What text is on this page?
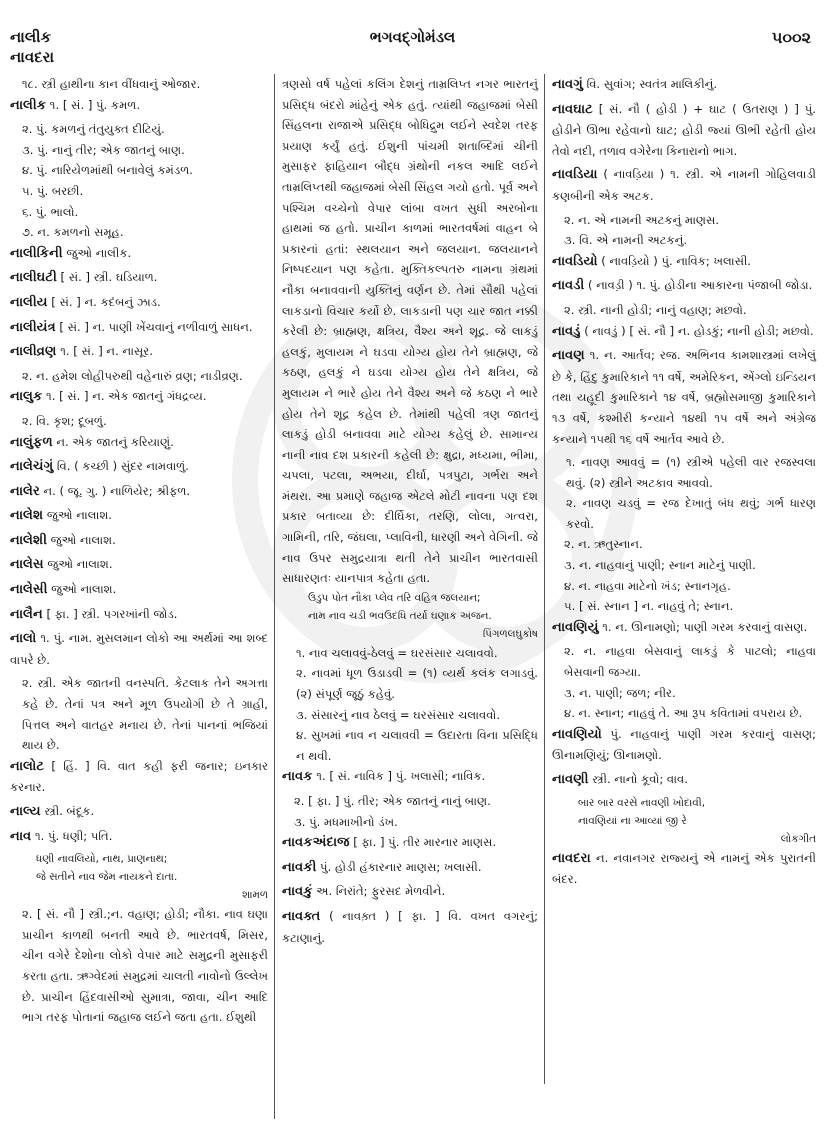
નાલીક
નાવદરા
ભગવદ્ગોમંડલ	૫૦૦૨

૧૮. સ્ત્રી હાથીના કાન વીંધવાનું ઓજાર.

નાલીક ૧. [ સં. ] પું. કમળ.

૨. પું. કમળનું તંતુયુક્ત દીટિયું.

૩. પું. નાનું તીર; એક જાતનું બાણ.

૪. પું. નારિયેળમાંથી બનાવેલું કમંડળ.

૫. પું. બરછી.

૬. પું. ભાલો.

૭. ન. કમળનો સમૂહ.

નાલીકિની જુઓ નાલીક.

નાલીઘટી [ સં. ] સ્ત્રી. ઘડિયાળ.

નાલીય [ સં. ] ન. કદંબનું ઝાડ.

નાલીયંત્ર [ સં. ] ન. પાણી ખેંચવાનું નળીવાળું સાધન.

નાલીવ્રણ ૧. [ સં. ] ન. નાસૂર.

૨. ન. હમેશ લોહીપરુથી વહેનારું વ્રણ; નાડીવ્રણ.

નાલુક ૧. [ સં. ] ન. એક જાતનું ગંધદ્રવ્ય.

૨. વિ. કૃશ; દૂબળું.

નાલુંફળ ન. એક જાતનું કરિયાણું.

નાલેચંગું વિ. ( કચ્છી ) સુંદર નામવાળું.

નાલેર ન. ( જૂ. ગુ. ) નાળિયેર; શ્રીફળ.

નાલેશ જુઓ નાલાશ.

નાલેશી જુઓ નાલાશ.

નાલેસ જુઓ નાલાશ.

નાલેસી જુઓ નાલાશ.

નાલૈન [ ફા. ] સ્ત્રી. પગરખાંની જોડ.

નાલો ૧. પું. નામ. મુસલમાન લોકો આ અર્થમાં આ શબ્દ વાપરે છે.

૨. સ્ત્રી. એક જાતની વનસ્પતિ. કેટલાક તેને અગત્તા કહે છે. તેનાં પત્ર અને મૂળ ઉપયોગી છે તે ગ્રાહી, પિત્તલ અને વાતહર મનાય છે. તેનાં પાનનાં ભજિયાં થાય છે.

નાલોટ [ હિં. ] વિ. વાત કહી ફરી જનાર; ઇનકાર કરનાર.

નાલ્ય સ્ત્રી. બંદૂક.

નાવ ૧. પું. ધણી; પતિ.

ધણી નાવલિયો, નાથ, પ્રાણનાથ;

જે સતીને નાવ જેમ નાયકને દાતા.

શામળ

૨. [ સં. નૌ ] સ્ત્રી.;ન. વહાણ; હોડી; નૌકા. નાવ ઘણા પ્રાચીન કાળથી બનતી આવે છે. ભારતવર્ષ, મિસર, ચીન વગેરે દેશોના લોકો વેપાર માટે સમુદ્રની મુસાફરી કરતા હતા. ઋગ્વેદમાં સમુદ્રમાં ચાલતી નાવોનો ઉલ્લેખ છે. પ્રાચીન હિંદવાસીઓ સુમાત્રા, જાવા, ચીન આદિ ભાગ તરફ પોતાનાં જહાજ લઈને જતા હતા. ઈશુથી

ત્રણસો વર્ષ પહેલાં કલિંગ દેશનું તામ્રલિપ્ત નગર ભારતનું પ્રસિદ્ધ બંદરો માંહેનું એક હતું. ત્યાંથી જહાજમાં બેસી સિંહલના રાજાએ પ્રસિદ્ધ બોધિદ્રુમ લઈને સ્વદેશ તરફ પ્રયાણ કર્યું હતું. ઈશુની પાંચમી શતાબ્દિમાં ચીની મુસાફર ફાહિયાન બૌદ્ધ ગ્રંથોની નકલ આદિ લઈને તામ્રલિપ્તથી જહાજમાં બેસી સિંહલ ગયો હતો. પૂર્વ અને પશ્ચિમ વચ્ચેનો વેપાર લાંબા વખત સુધી અરબોના હાથમાં જ હતો. પ્રાચીન કાળમાં ભારતવર્ષમાં વાહન બે પ્રકારનાં હતાં: સ્થલયાન અને જલયાન. જલયાનને નિષ્પદયાન પણ કહેતા. મુક્તિકલ્પતરુ નામના ગ્રંથમાં નૌકા બનાવવાની યુક્તિનું વર્ણન છે. તેમાં સૌથી પહેલાં લાકડાનો વિચાર કર્યો છે. લાકડાની પણ ચાર જાત નક્કી કરેલી છે: બ્રાહ્મણ, ક્ષત્રિય, વૈશ્ય અને શૂદ્ર. જે લાકડું હલકું, મુલાયમ ને ઘડવા યોગ્ય હોય તેને બ્રાહ્મણ, જે કઠણ, હલકું ને ઘડવા યોગ્ય હોય તેને ક્ષત્રિય, જે મુલાયમ ને ભારે હોય તેને વૈશ્ય અને જે કઠણ ને ભારે હોય તેને શૂદ્ર કહેલ છે. તેમાંથી પહેલી ત્રણ જાતનું લાકડું હોડી બનાવવા માટે યોગ્ય કહેલું છે. સામાન્ય નાની નાવ દશ પ્રકારની કહેલી છે: ક્ષુદ્રા, મધ્યમા, ભીમા, ચપલા, પટલા, અભયા, દીર્ઘા, પત્રપુટા, ગર્ભરા અને મંથરા. આ પ્રમાણે જહાજ એટલે મોટી નાવના પણ દશ પ્રકાર બતાવ્યા છે: દીર્ઘિકા, તરણિ, લોલા, ગત્વરા, ગામિની, તરિ, જંઘલા, પ્લાવિની, ધારણી અને વેગિની. જે નાવ ઉપર સમુદ્રયાત્રા થતી તેને પ્રાચીન ભારતવાસી સાધારણતઃ યાનપાત્ર કહેતા હતા.

ઉડુપ પોત નૌકા પ્લેવ તરિ વહિત્ર જલયાન;

નામ નાવ ચડી ભવઉદધિ તર્યા ઘણાક અંજન.

પિંગળલઘુકોષ

૧. નાવ ચલાવવું-ઠેલવું = ઘરસંસાર ચલાવવો.

૨. નાવમાં ધૂળ ઉડાડવી = (૧) વ્યર્થ કલંક લગાડવું. (૨) સંપૂર્ણ જૂઠું કહેવું.

૩. સંસારનું નાવ ઠેલવું = ઘરસંસાર ચલાવવો.

૪. સુખમાં નાવ ન ચલાવવી = ઉદારતા વિના પ્રસિદ્ધિ ન થવી.

નાવક ૧. [ સં. નાવિક ] પું. ખલાસી; નાવિક.

૨. [ ફા. ] પું. તીર; એક જાતનું નાનું બાણ.

૩. પું. મધમાખીનો ડંખ.

નાવકઅંદાજ [ ફા. ] પું. તીર મારનાર માણસ.

નાવકી પું. હોડી હંકારનાર માણસ; ખલાસી.

નાવકું અ. નિરાંતે; ફુરસદ મેળવીને.

નાવક્ત ( નાવક઼્ત ) [ ફા. ] વિ. વખત વગરનું; કટાણાનું.

નાવગું વિ. સુવાંગ; સ્વતંત્ર માલિકીનું.

નાવઘાટ [ સં. નૌ ( હોડી ) + ઘાટ ( ઉતરાણ ) ] પું. હોડીને ઊભા રહેવાનો ઘાટ; હોડી જ્યાં ઊભી રહેતી હોય તેવો નદી, તળાવ વગેરેના કિનારાનો ભાગ.

નાવડિયા ( નાવડ઼િયા ) ૧. સ્ત્રી. એ નામની ગોહિલવાડી કણબીની એક અટક.

૨. ન. એ નામની અટકનું માણસ.

૩. વિ. એ નામની અટકનું.

નાવડિયો ( નાવડ઼િયો ) પું. નાવિક; ખલાસી.

નાવડી ( નાવડ઼ી ) ૧. પું. હોડીના આકારના પંજાબી જોડા.

૨. સ્ત્રી. નાની હોડી; નાનું વહાણ; મછવો.

નાવડું ( નાવડ઼ું ) [ સં. નૌ ] ન. હોડકું; નાની હોડી; મછવો.

નાવણ ૧. ન. આર્તવ; રજ. અભિનવ કામશાસ્ત્રમાં લખેલું છે કે, હિંદુ કુમારિકાને ૧૧ વર્ષે, અમેરિકન, એંગ્લો ઇન્ડિયન તથા યહૂદી કુમારિકાને ૧૪ વર્ષે, બ્રહ્મોસમાજી કુમારિકાને ૧૩ વર્ષે, કશ્મીરી કન્યાને ૧૪થી ૧૫ વર્ષે અને અંગ્રેજ કન્યાને ૧૫થી ૧૬ વર્ષે આર્તવ આવે છે.

૧. નાવણ આવવું = (૧) સ્ત્રીએ પહેલી વાર રજસ્વલા થવું. (૨) સ્ત્રીને અટકાવ આવવો.

૨. નાવણ ચડવું = રજ દેખાતું બંધ થવું; ગર્ભ ધારણ કરવો.

૨. ન. ઋતુસ્નાન.

૩. ન. નાહવાનું પાણી; સ્નાન માટેનું પાણી.

૪. ન. નાહવા માટેનો ખંડ; સ્નાનગૃહ.

૫. [ સં. સ્નાન ] ન. નાહવું તે; સ્નાન.

નાવણિયું ૧. ન. ઊનામણો; પાણી ગરમ કરવાનું વાસણ.

૨. ન. નાહવા બેસવાનું લાકડું કે પાટલો; નાહવા બેસવાની જગ્યા.

૩. ન. પાણી; જળ; નીર.

૪. ન. સ્નાન; નાહવું તે. આ રૂપ કવિતામાં વપરાય છે.

નાવણિયો પું. નાહવાનું પાણી ગરમ કરવાનું વાસણ; ઊનામણિયું; ઊનામણો.

નાવણી સ્ત્રી. નાનો કૂવો; વાવ.

બાર બાર વરસે નાવણી ખોદાવી,

નાવણિયાં ના આવ્યાં જી રે

લોકગીત

નાવદરા ન. નવાનગર રાજ્યનું એ નામનું એક પુરાતની બંદર.
